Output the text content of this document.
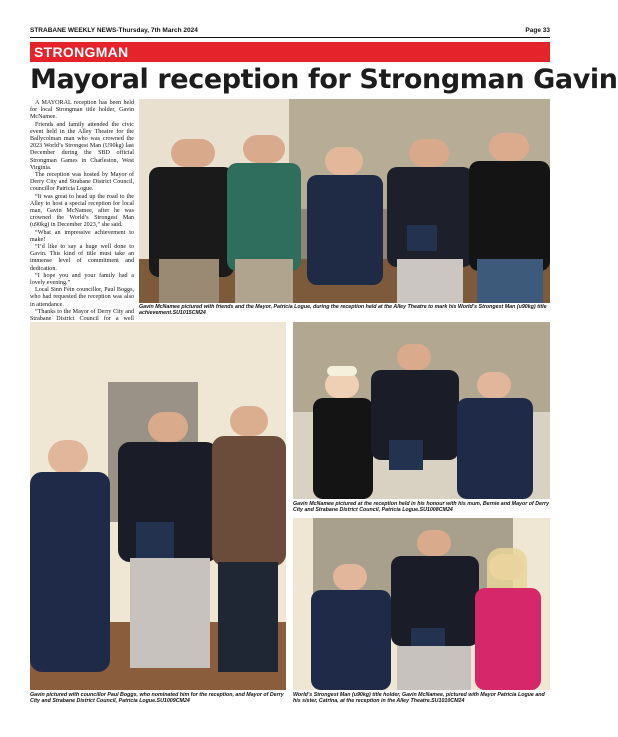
STRABANE WEEKLY NEWS-Thursday, 7th March 2024	Page 33
STRONGMAN
Mayoral reception for Strongman Gavin

A MAYORAL reception has been held for local Strongman title holder, Gavin McNamee.

Friends and family attended the civic event held in the Alley Theatre for the Ballycolman man who was crowned the 2023 World’s Strongest Man (U90kg) last December during the SBD official Strongman Games in Charleston, West Virginia.

The reception was hosted by Mayor of Derry City and Strabane District Council, councillor Patricia Logue.

“It was great to head up the road to the Alley to host a special reception for local man, Gavin McNamee, after he was crowned the World’s Strongest Man (u90kg) in December 2023,” she said.

“What an impressive achievement to make!

“I’d like to say a huge well done to Gavin. This kind of title must take an immense level of commitment and dedication.

“I hope you and your family had a lovely evening.”

Local Sinn Féin councillor, Paul Boggs, who had requested the reception was also in attendance.

“Thanks to the Mayor of Derry City and Strabane District Council for a well

Gavin McNamee pictured with friends and the Mayor, Patricia Logue, during the reception held at the Alley Theatre to mark his World’s Strongest Man (u90kg) title achievement.SU1015CM24
Gavin pictured with councillor Paul Boggs, who nominated him for the reception, and Mayor of Derry City and Strabane District Council, Patricia Logue.SU1009CM24
Gavin McNamee pictured at the reception held in his honour with his mum, Bernie and Mayor of Derry City and Strabane District Council, Patricia Logue.SU1008CM24
World’s Strongest Man (u90kg) title holder, Gavin McNamee, pictured with Mayor Patricia Logue and his sister, Catrina, at the reception in the Alley Theatre.SU1010CM24
